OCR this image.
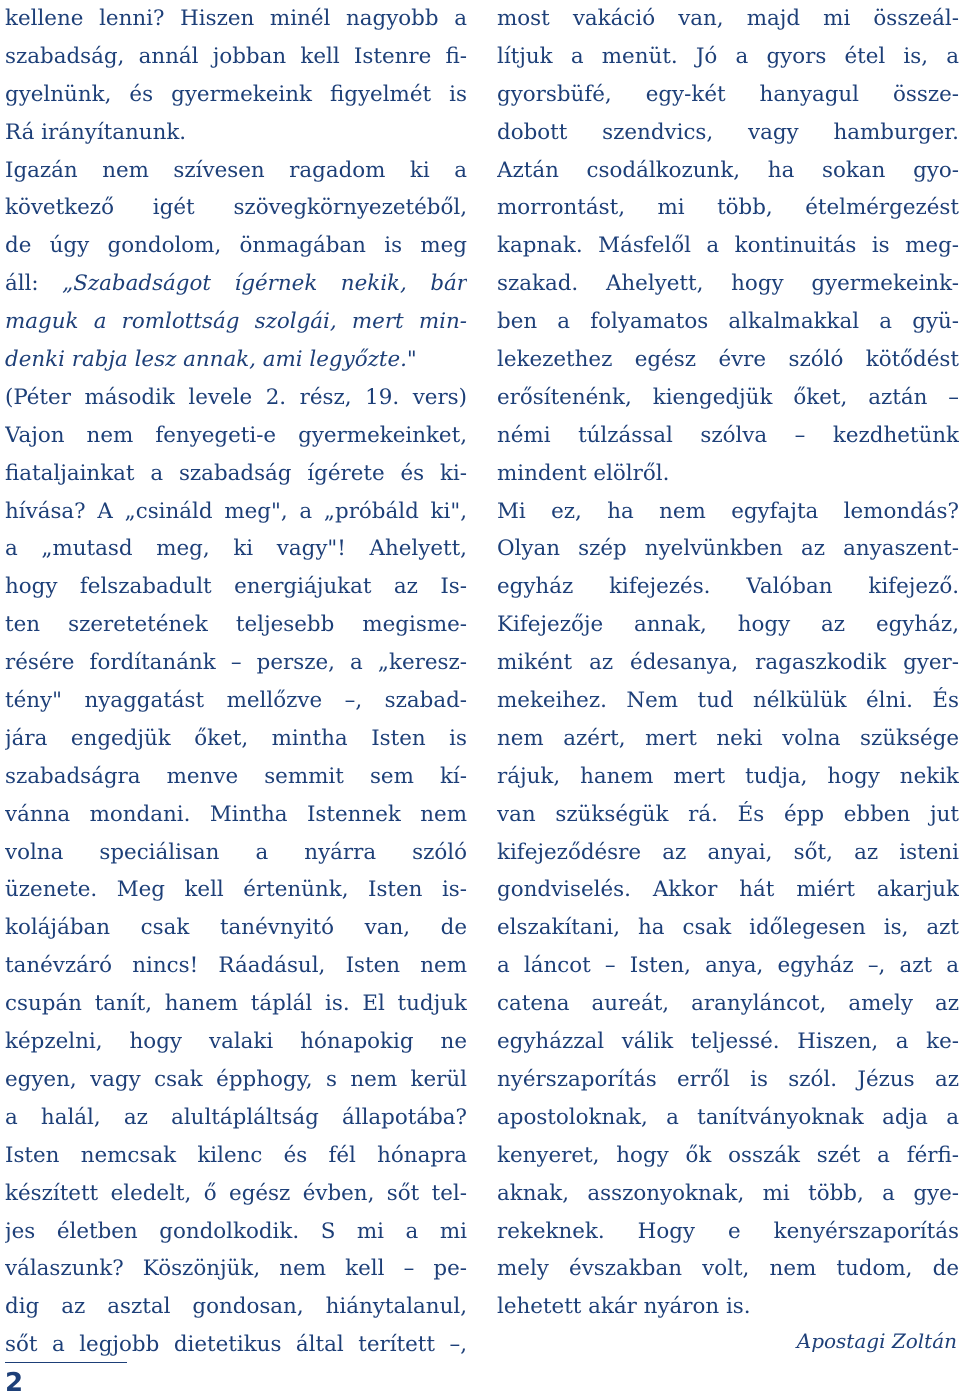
kellene lenni? Hiszen minél nagyobb a
szabadság, annál jobban kell Istenre fi-
gyelnünk, és gyermekeink figyelmét is
Rá irányítanunk.
Igazán nem szívesen ragadom ki a
következő igét szövegkörnyezetéből,
de úgy gondolom, önmagában is meg
áll: „Szabadságot ígérnek nekik, bár
maguk a romlottság szolgái, mert min-
denki rabja lesz annak, ami legyőzte."
(Péter második levele 2. rész, 19. vers)
Vajon nem fenyegeti-e gyermekeinket,
fiataljainkat a szabadság ígérete és ki-
hívása? A „csináld meg", a „próbáld ki",
a „mutasd meg, ki vagy"! Ahelyett,
hogy felszabadult energiájukat az Is-
ten szeretetének teljesebb megisme-
résére fordítanánk – persze, a „keresz-
tény" nyaggatást mellőzve –, szabad-
jára engedjük őket, mintha Isten is
szabadságra menve semmit sem kí-
vánna mondani. Mintha Istennek nem
volna speciálisan a nyárra szóló
üzenete. Meg kell értenünk, Isten is-
kolájában csak tanévnyitó van, de
tanévzáró nincs! Ráadásul, Isten nem
csupán tanít, hanem táplál is. El tudjuk
képzelni, hogy valaki hónapokig ne
egyen, vagy csak épphogy, s nem kerül
a halál, az alultápláltság állapotába?
Isten nemcsak kilenc és fél hónapra
készített eledelt, ő egész évben, sőt tel-
jes életben gondolkodik. S mi a mi
válaszunk? Köszönjük, nem kell – pe-
dig az asztal gondosan, hiánytalanul,
sőt a legjobb dietetikus által terített –,
most vakáció van, majd mi összeál-
lítjuk a menüt. Jó a gyors étel is, a
gyorsbüfé, egy-két hanyagul össze-
dobott szendvics, vagy hamburger.
Aztán csodálkozunk, ha sokan gyo-
morrontást, mi több, ételmérgezést
kapnak. Másfelől a kontinuitás is meg-
szakad. Ahelyett, hogy gyermekeink-
ben a folyamatos alkalmakkal a gyü-
lekezethez egész évre szóló kötődést
erősítenénk, kiengedjük őket, aztán –
némi túlzással szólva – kezdhetünk
mindent elölről.
Mi ez, ha nem egyfajta lemondás?
Olyan szép nyelvünkben az anyaszent-
egyház kifejezés. Valóban kifejező.
Kifejezője annak, hogy az egyház,
miként az édesanya, ragaszkodik gyer-
mekeihez. Nem tud nélkülük élni. És
nem azért, mert neki volna szüksége
rájuk, hanem mert tudja, hogy nekik
van szükségük rá. És épp ebben jut
kifejeződésre az anyai, sőt, az isteni
gondviselés. Akkor hát miért akarjuk
elszakítani, ha csak időlegesen is, azt
a láncot – Isten, anya, egyház –, azt a
catena aureát, aranyláncot, amely az
egyházzal válik teljessé. Hiszen, a ke-
nyérszaporítás erről is szól. Jézus az
apostoloknak, a tanítványoknak adja a
kenyeret, hogy ők osszák szét a férfi-
aknak, asszonyoknak, mi több, a gye-
rekeknek. Hogy e kenyérszaporítás
mely évszakban volt, nem tudom, de
lehetett akár nyáron is.
Apostagi Zoltán
2
